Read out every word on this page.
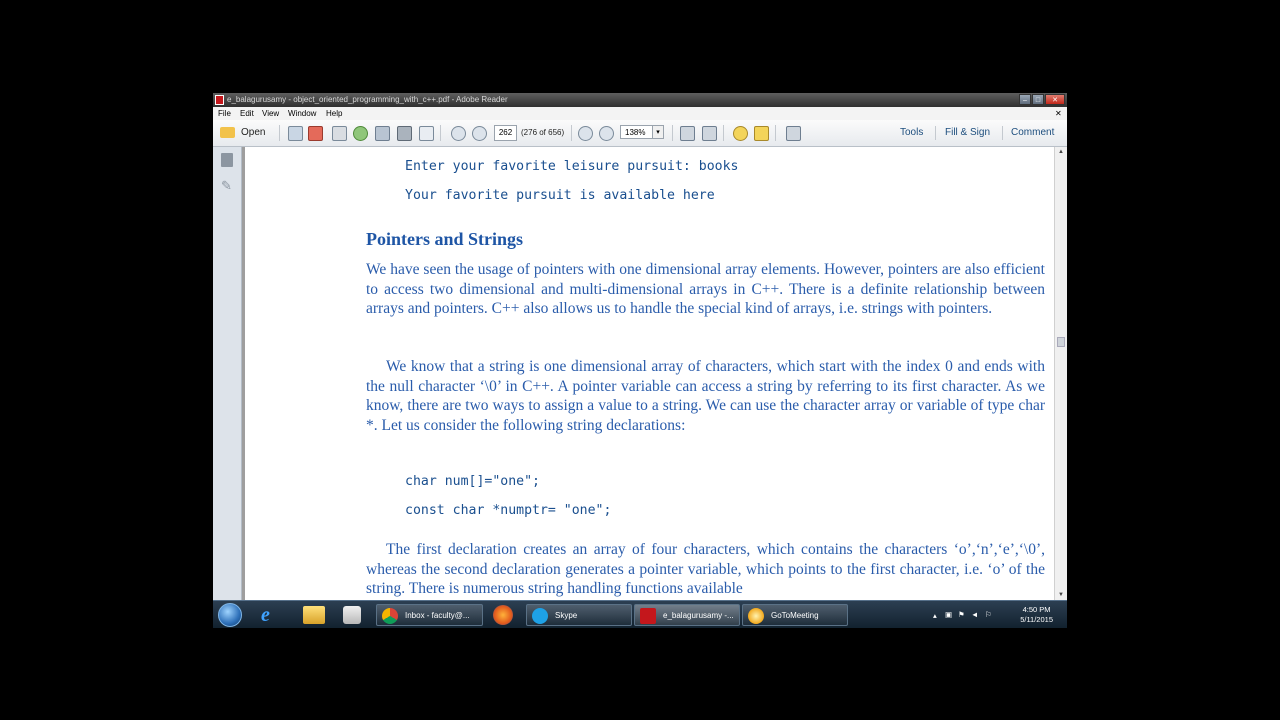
e_balagurusamy - object_oriented_programming_with_c++.pdf - Adobe Reader	–	□	✕
File Edit View Window Help	✕
Open	262	(276 of 656)	138%	▾	Tools Fill & Sign Comment
✎
Enter your favorite leisure pursuit: books
Your favorite pursuit is available here
Pointers and Strings
We have seen the usage of pointers with one dimensional array elements. However, pointers are also efficient to access two dimensional and multi-dimensional arrays in C++. There is a definite relationship between arrays and pointers. C++ also allows us to handle the special kind of arrays, i.e. strings with pointers.
We know that a string is one dimensional array of characters, which start with the index 0 and ends with the null character ‘\0’ in C++. A pointer variable can access a string by referring to its first character. As we know, there are two ways to assign a value to a string. We can use the character array or variable of type char *. Let us consider the following string declarations:
char num[]="one";
const char *numptr= "one";
The first declaration creates an array of four characters, which contains the characters ‘o’,‘n’,‘e’,‘\0’, whereas the second declaration generates a pointer variable, which points to the first character, i.e. ‘o’ of the string. There is numerous string handling functions available
▲
▼
e	Inbox - faculty@...	Skype	e_balagurusamy -...	GoToMeeting	▴ ▣ ⚑ ◄ ⚐
4:50 PM
5/11/2015
